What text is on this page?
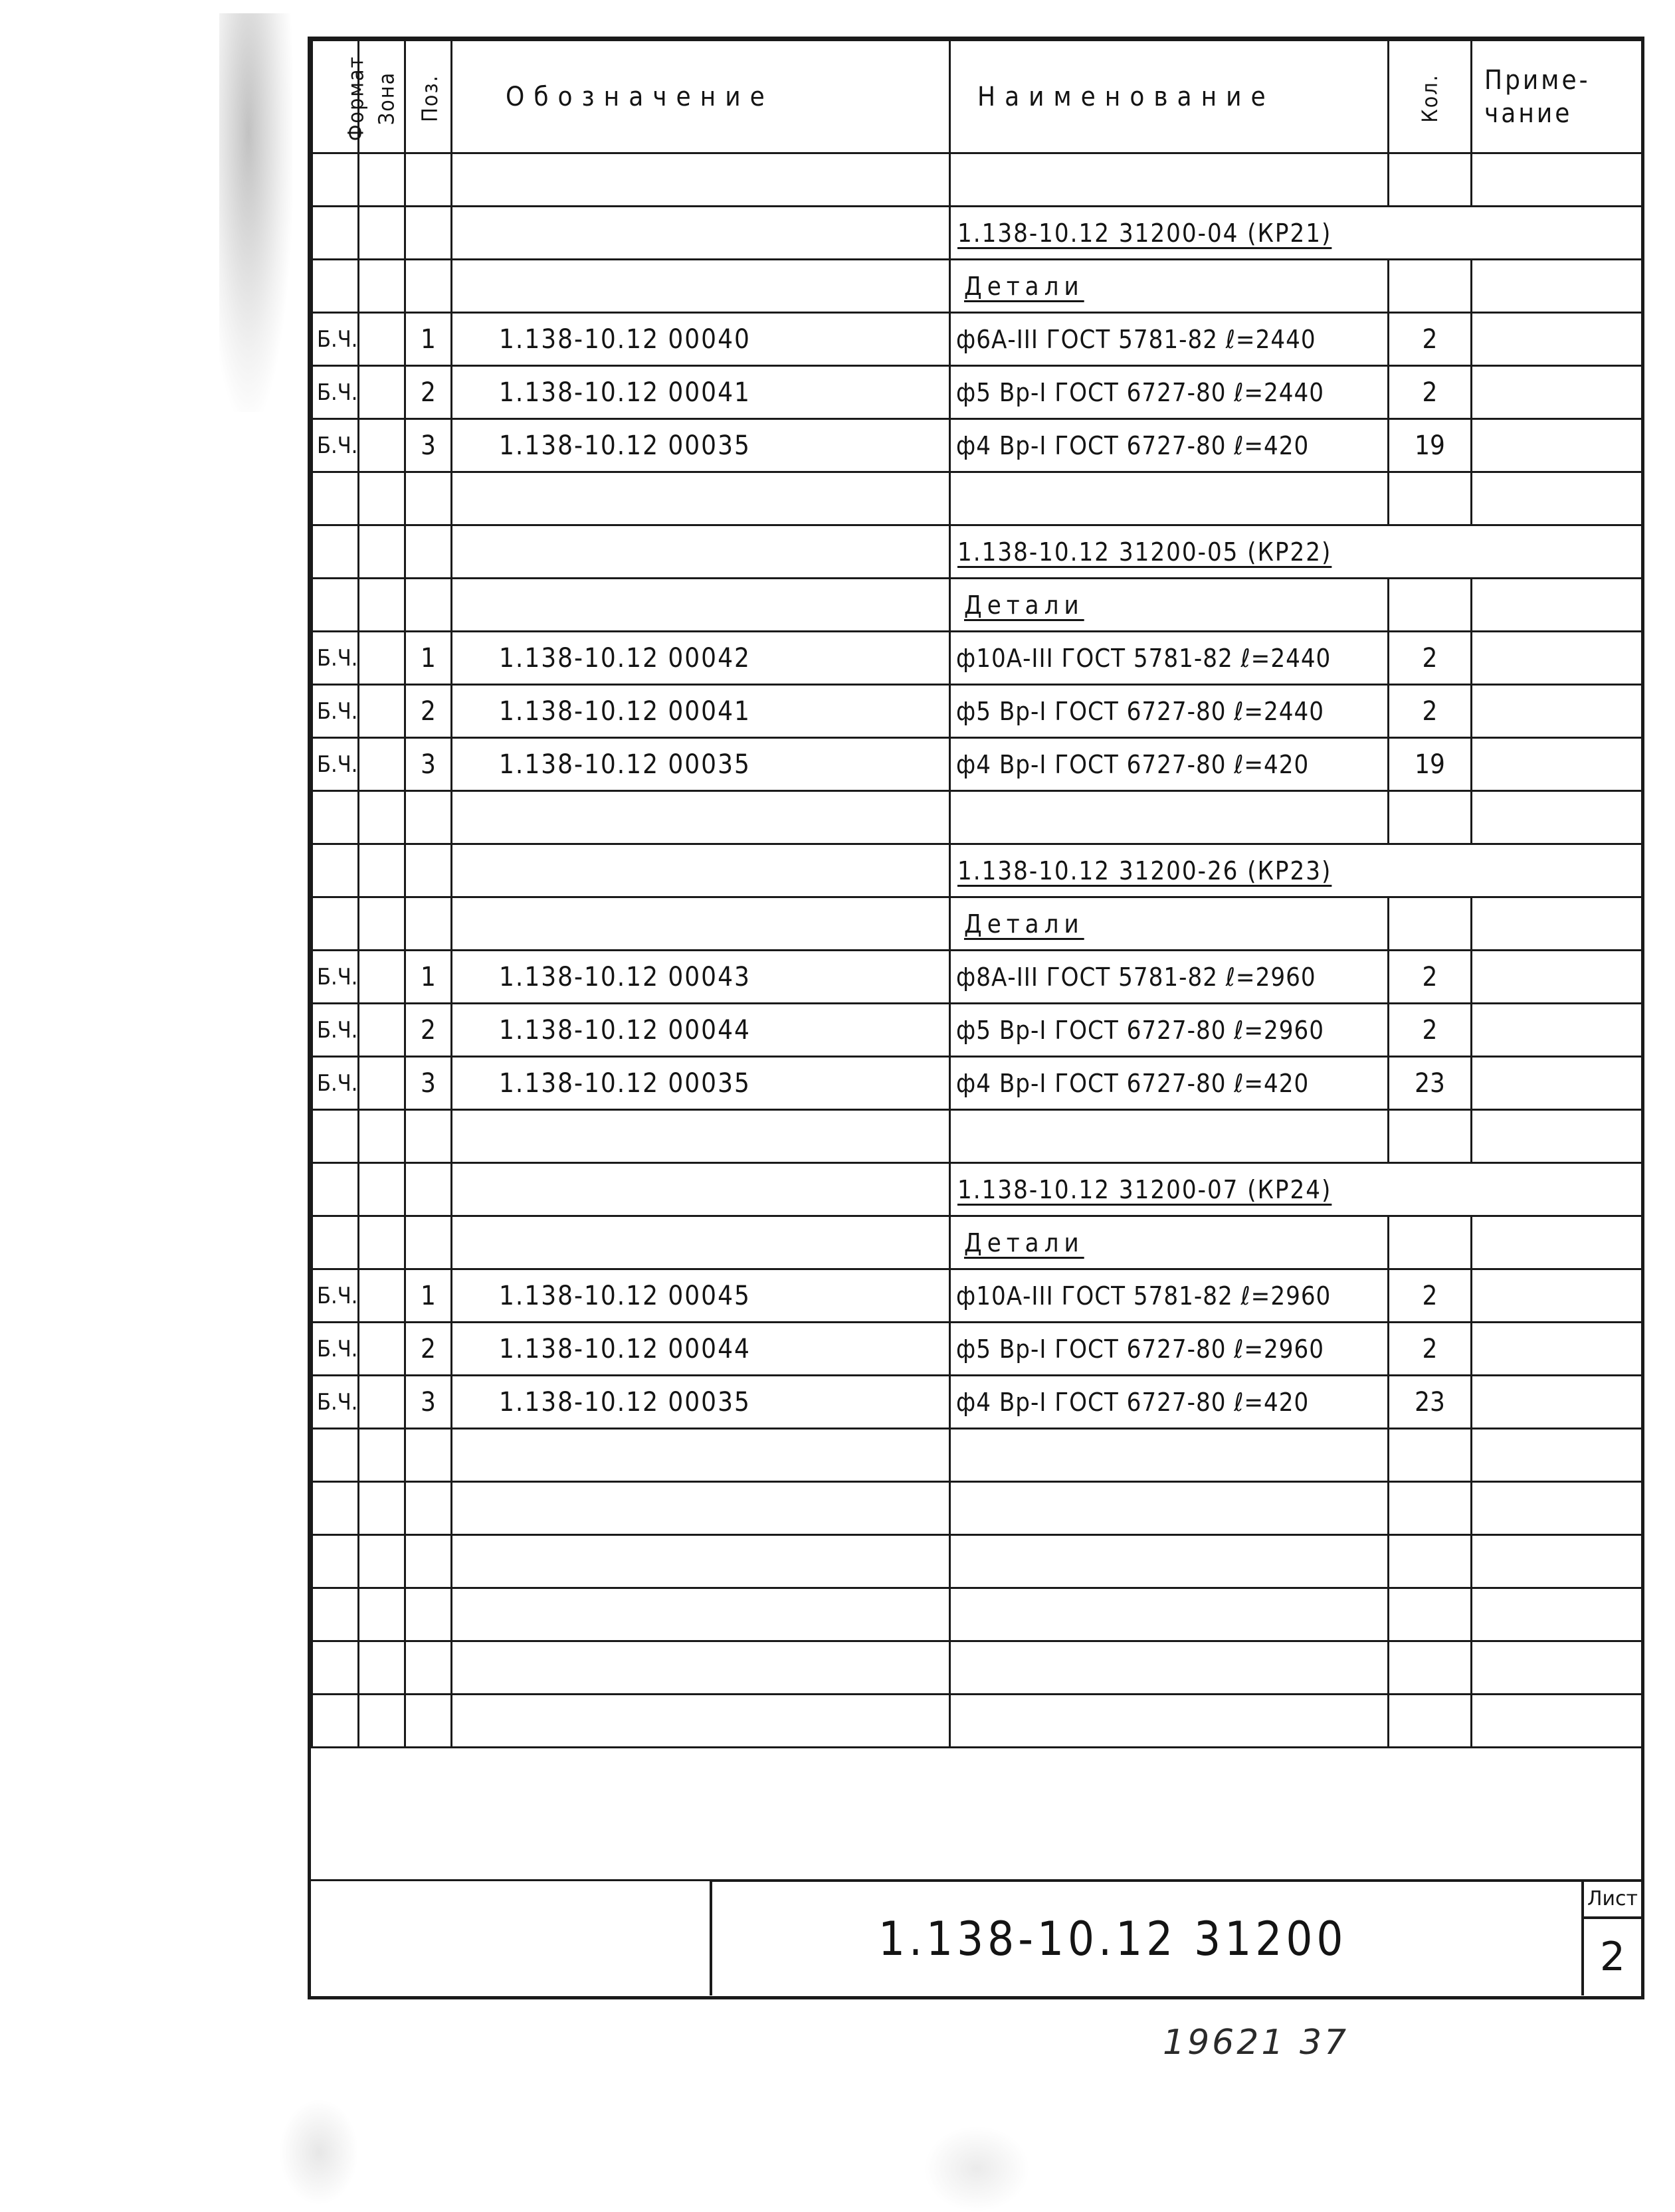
Формат	Зона	Поз.	Обозначение	Наименование	Кол.	Приме-чание

				1.138-10.12 31200-04 (КР21)		
				Детали		
Б.Ч.		1	1.138-10.12 00040	ф6А-III ГОСТ 5781-82 ℓ=2440	2	
Б.Ч.		2	1.138-10.12 00041	ф5 Вр-I ГОСТ 6727-80 ℓ=2440	2	
Б.Ч.		3	1.138-10.12 00035	ф4 Вр-I ГОСТ 6727-80 ℓ=420	19	

				1.138-10.12 31200-05 (КР22)		
				Детали		
Б.Ч.		1	1.138-10.12 00042	ф10А-III ГОСТ 5781-82 ℓ=2440	2	
Б.Ч.		2	1.138-10.12 00041	ф5 Вр-I ГОСТ 6727-80 ℓ=2440	2	
Б.Ч.		3	1.138-10.12 00035	ф4 Вр-I ГОСТ 6727-80 ℓ=420	19	

				1.138-10.12 31200-26 (КР23)		
				Детали		
Б.Ч.		1	1.138-10.12 00043	ф8А-III ГОСТ 5781-82 ℓ=2960	2	
Б.Ч.		2	1.138-10.12 00044	ф5 Вр-I ГОСТ 6727-80 ℓ=2960	2	
Б.Ч.		3	1.138-10.12 00035	ф4 Вр-I ГОСТ 6727-80 ℓ=420	23	

				1.138-10.12 31200-07 (КР24)		
				Детали		
Б.Ч.		1	1.138-10.12 00045	ф10А-III ГОСТ 5781-82 ℓ=2960	2	
Б.Ч.		2	1.138-10.12 00044	ф5 Вр-I ГОСТ 6727-80 ℓ=2960	2	
Б.Ч.		3	1.138-10.12 00035	ф4 Вр-I ГОСТ 6727-80 ℓ=420	23	

1.138-10.12 31200
Лист
2
19621 37
